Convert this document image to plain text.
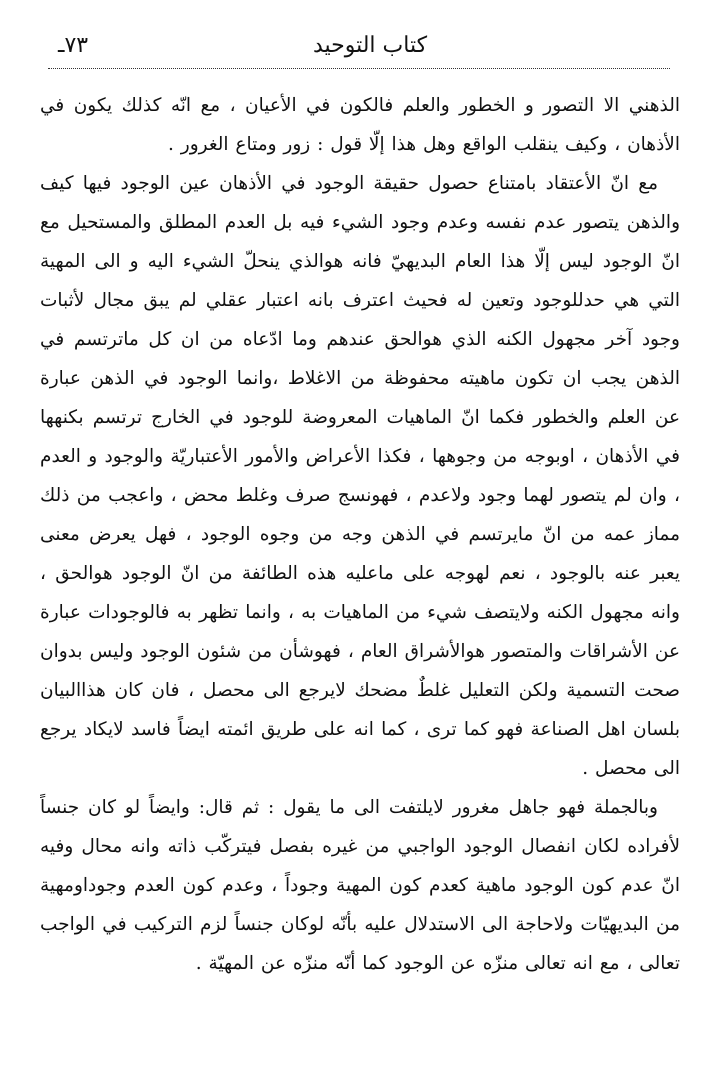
كتاب التوحيد
٧٣ـ

الذهني الا التصور و الخطور والعلم فالكون في الأعيان ، مع انّه كذلك يكون في الأذهان ، وكيف ينقلب الواقع وهل هذا إلّا قول : زور ومتاع الغرور .

مع انّ الأعتقاد بامتناع حصول حقيقة الوجود في الأذهان عين الوجود فيها كيف والذهن يتصور عدم نفسه وعدم وجود الشيء فيه بل العدم المطلق والمستحيل مع انّ الوجود ليس إلّا هذا العام البديهيّ فانه هوالذي ينحلّ الشيء اليه و الى المهية التي هي حدللوجود وتعين له فحيث اعترف بانه اعتبار عقلي لم يبق مجال لأثبات وجود آخر مجهول الكنه الذي هوالحق عندهم وما ادّعاه من ان كل ماترتسم في الذهن يجب ان تكون ماهيته محفوظة من الاغلاط ،وانما الوجود في الذهن عبارة عن العلم والخطور فكما انّ الماهيات المعروضة للوجود في الخارج ترتسم بكنهها في الأذهان ، اوبوجه من وجوهها ، فكذا الأعراض والأمور الأعتباريّة والوجود و العدم ، وان لم يتصور لهما وجود ولاعدم ، فهونسج صرف وغلط محض ، واعجب من ذلك مماز عمه من انّ مايرتسم في الذهن وجه من وجوه الوجود ، فهل يعرض معنى يعبر عنه بالوجود ، نعم لهوجه على ماعليه هذه الطائفة من انّ الوجود هوالحق ، وانه مجهول الكنه ولايتصف شيء من الماهيات به ، وانما تظهر به فالوجودات عبارة عن الأشراقات والمتصور هوالأشراق العام ، فهوشأن من شئون الوجود وليس بدوان صحت التسمية ولكن التعليل غلطٌ مضحك لايرجع الى محصل ، فان كان هذاالبيان بلسان اهل الصناعة فهو كما ترى ، كما انه على طريق ائمته ايضاً فاسد لايكاد يرجع الى محصل .

وبالجملة فهو جاهل مغرور لايلتفت الى ما يقول : ثم قال: وايضاً لو كان جنساً لأفراده لكان انفصال الوجود الواجبي من غيره بفصل فيتركّب ذاته وانه محال وفيه انّ عدم كون الوجود ماهية كعدم كون المهية وجوداً ، وعدم كون العدم وجوداومهية من البديهيّات ولاحاجة الى الاستدلال عليه بأنّه لوكان جنساً لزم التركيب في الواجب تعالى ، مع انه تعالى منزّه عن الوجود كما أنّه منزّه عن المهيّة .
